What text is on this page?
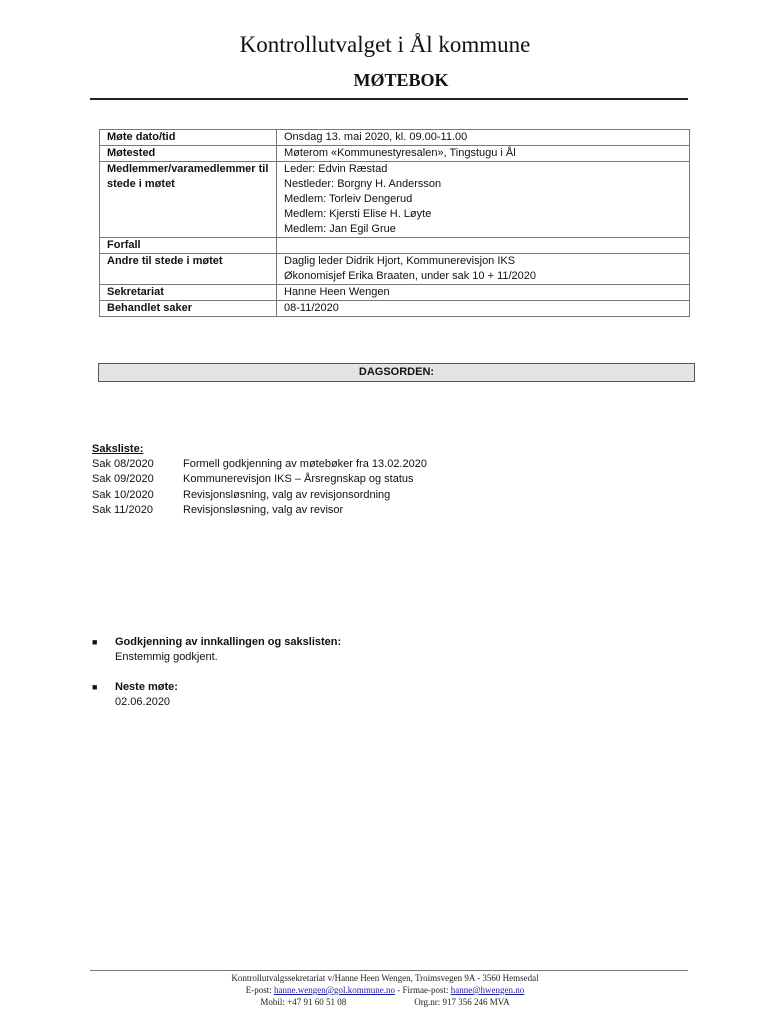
Kontrollutvalget i Ål kommune
MØTEBOK
Møte dato/tid	Onsdag 13. mai 2020, kl. 09.00-11.00

Møtested	Møterom «Kommunestyresalen», Tingstugu i Ål

Medlemmer/varamedlemmer til stede i møtet	Leder: Edvin Ræstad
Nestleder: Borgny H. Andersson
Medlem: Torleiv Dengerud
Medlem: Kjersti Elise H. Løyte
Medlem: Jan Egil Grue

Forfall	

Andre til stede i møtet	Daglig leder Didrik Hjort, Kommunerevisjon IKS
Økonomisjef Erika Braaten, under sak 10 + 11/2020

Sekretariat	Hanne Heen Wengen

Behandlet saker	08-11/2020
DAGSORDEN:
Saksliste:
Sak 08/2020	Formell godkjenning av møtebøker fra 13.02.2020
Sak 09/2020	Kommunerevisjon IKS – Årsregnskap og status
Sak 10/2020	Revisjonsløsning, valg av revisjonsordning
Sak 11/2020	Revisjonsløsning, valg av revisor
■	Godkjenning av innkallingen og sakslisten:
Enstemmig godkjent.
■	Neste møte:
02.06.2020
Kontrollutvalgssekretariat v/Hanne Heen Wengen, Troimsvegen 9A - 3560 Hemsedal
E-post: hanne.wengen@gol.kommune.no - Firmae-post: hanne@hwengen.no
Mobil: +47 91 60 51 08	Org.nr: 917 356 246 MVA
